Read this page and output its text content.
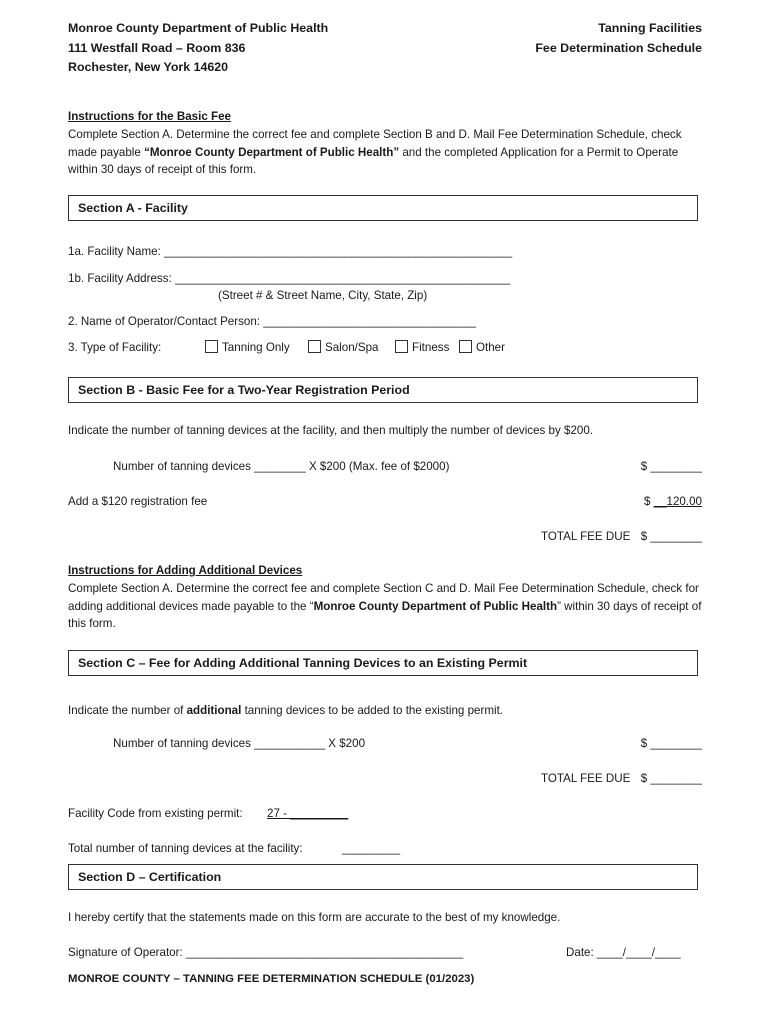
Monroe County Department of Public Health
111 Westfall Road – Room 836
Rochester, New York 14620
Tanning Facilities
Fee Determination Schedule
Instructions for the Basic Fee
Complete Section A. Determine the correct fee and complete Section B and D. Mail Fee Determination Schedule, check made payable “Monroe County Department of Public Health” and the completed Application for a Permit to Operate within 30 days of receipt of this form.
Section A - Facility
1a. Facility Name: ______________________________________________________
1b. Facility Address: ____________________________________________________
(Street # & Street Name, City, State, Zip)
2. Name of Operator/Contact Person: _________________________________
3. Type of Facility:	Tanning Only	Salon/Spa	Fitness	Other
Section B - Basic Fee for a Two-Year Registration Period
Indicate the number of tanning devices at the facility, and then multiply the number of devices by $200.
Number of tanning devices ________ X $200 (Max. fee of $2000)	$ ________
Add a $120 registration fee	$ __120.00
TOTAL FEE DUE $ ________
Instructions for Adding Additional Devices
Complete Section A. Determine the correct fee and complete Section C and D. Mail Fee Determination Schedule, check for adding additional devices made payable to the “Monroe County Department of Public Health” within 30 days of receipt of this form.
Section C – Fee for Adding Additional Tanning Devices to an Existing Permit
Indicate the number of additional tanning devices to be added to the existing permit.
Number of tanning devices ___________ X $200	$ ________
TOTAL FEE DUE $ ________
Facility Code from existing permit: 27 - _________
Total number of tanning devices at the facility:	_________
Section D – Certification
I hereby certify that the statements made on this form are accurate to the best of my knowledge.
Signature of Operator: ___________________________________________	Date: ____/____/____
MONROE COUNTY – TANNING FEE DETERMINATION SCHEDULE (01/2023)
